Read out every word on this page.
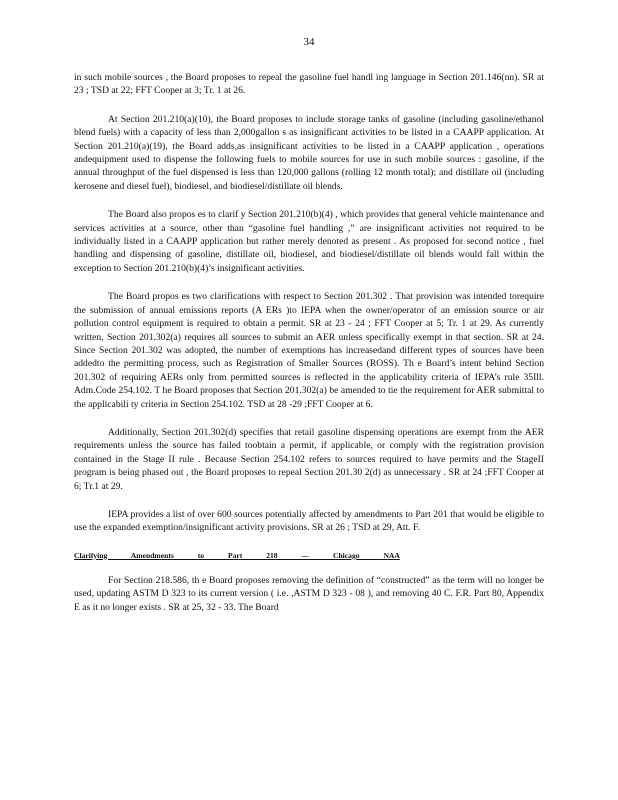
34

in such mobile sources , the Board proposes to repeal the gasoline fuel handl ing language in Section 201.146(nn). SR at 23 ; TSD at 22; FFT Cooper at 3; Tr. 1 at 26.

At Section 201.210(a)(10), the Board proposes to include storage tanks of gasoline (including gasoline/ethanol blend fuels) with a capacity of less than 2,000gallon s as insignificant activities to be listed in a CAAPP application. At Section 201.210(a)(19), the Board adds,as insignificant activities to be listed in a CAAPP application , operations andequipment used to dispense the following fuels to mobile sources for use in such mobile sources : gasoline, if the annual throughput of the fuel dispensed is less than 120,000 gallons (rolling 12 month total); and distillate oil (including kerosene and diesel fuel), biodiesel, and biodiesel/distillate oil blends.

The Board also propos es to clarif y Section 201.210(b)(4) , which provides that general vehicle maintenance and services activities at a source, other than “gasoline fuel handling ,” are insignificant activities not required to be individually listed in a CAAPP application but rather merely denoted as present . As proposed for second notice , fuel handling and dispensing of gasoline, distillate oil, biodiesel, and biodiesel/distillate oil blends would fall within the exception to Section 201.210(b)(4)’s insignificant activities.

The Board propos es two clarifications with respect to Section 201.302 . That provision was intended torequire the submission of annual emissions reports (A ERs )to IEPA when the owner/operator of an emission source or air pollution control equipment is required to obtain a permit. SR at 23 - 24 ; FFT Cooper at 5; Tr. 1 at 29. As currently written, Section 201.302(a) requires all sources to submit an AER unless specifically exempt in that section. SR at 24. Since Section 201.302 was adopted, the number of exemptions has increasedand different types of sources have been addedto the permitting process, such as Registration of Smaller Sources (ROSS). Th e Board’s intent behind Section 201.302 of requiring AERs only from permitted sources is reflected in the applicability criteria of IEPA’s rule 35Ill. Adm.Code 254.102. T he Board proposes that Section 201.302(a) be amended to tie the requirement for AER submittal to the applicabili ty criteria in Section 254.102. TSD at 28 -29 ;FFT Cooper at 6.

Additionally, Section 201.302(d) specifies that retail gasoline dispensing operations are exempt from the AER requirements unless the source has failed toobtain a permit, if applicable, or comply with the registration provision contained in the Stage II rule . Because Section 254.102 refers to sources required to have permits and the StageII program is being phased out , the Board proposes to repeal Section 201.30 2(d) as unnecessary . SR at 24 ;FFT Cooper at 6; Tr.1 at 29.

IEPA provides a list of over 600 sources potentially affected by amendments to Part 201 that would be eligible to use the expanded exemption/insignificant activity provisions. SR at 26 ; TSD at 29, Att. F.

Clarifying Amendments to Part 218 — Chicago NAA

For Section 218.586, th e Board proposes removing the definition of “constructed” as the term will no longer be used, updating ASTM D 323 to its current version ( i.e. ,ASTM D 323 - 08 ), and removing 40 C. F.R. Part 80, Appendix E as it no longer exists . SR at 25, 32 - 33. The Board
